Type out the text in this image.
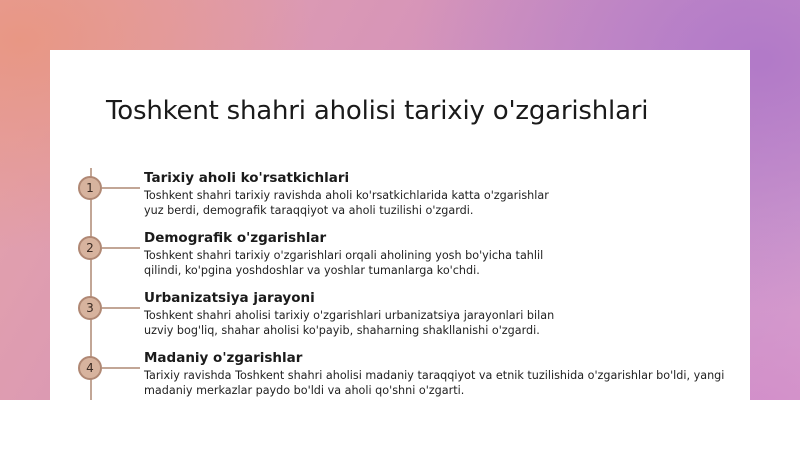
Toshkent shahri aholisi tarixiy o'zgarishlari
1
Tarixiy aholi ko'rsatkichlari
Toshkent shahri tarixiy ravishda aholi ko'rsatkichlarida katta o'zgarishlar
yuz berdi, demografik taraqqiyot va aholi tuzilishi o'zgardi.
2
Demografik o'zgarishlar
Toshkent shahri tarixiy o'zgarishlari orqali aholining yosh bo'yicha tahlil
qilindi, ko'pgina yoshdoshlar va yoshlar tumanlarga ko'chdi.
3
Urbanizatsiya jarayoni
Toshkent shahri aholisi tarixiy o'zgarishlari urbanizatsiya jarayonlari bilan
uzviy bog'liq, shahar aholisi ko'payib, shaharning shakllanishi o'zgardi.
4
Madaniy o'zgarishlar
Tarixiy ravishda Toshkent shahri aholisi madaniy taraqqiyot va etnik tuzilishida o'zgarishlar bo'ldi, yangi
madaniy merkazlar paydo bo'ldi va aholi qo'shni o'zgarti.
